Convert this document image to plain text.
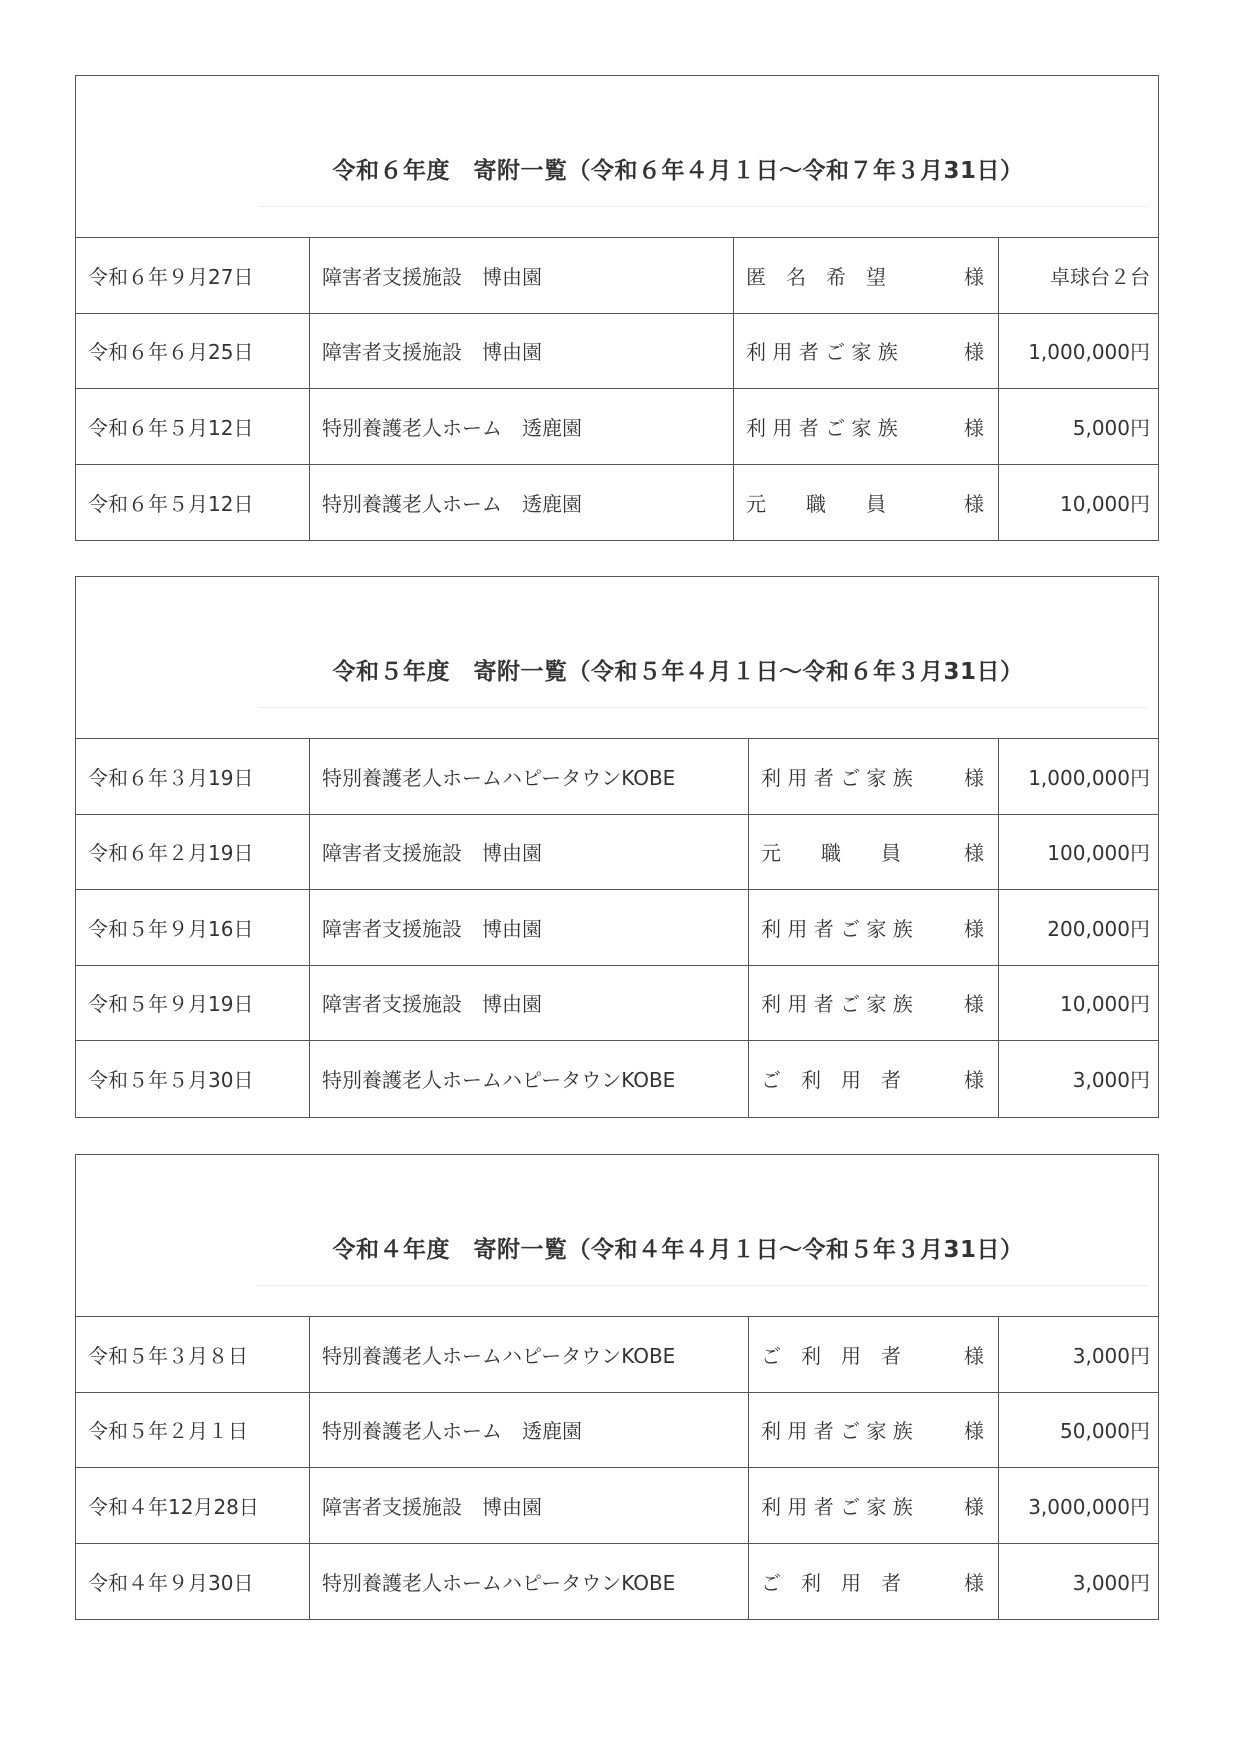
令和６年度　寄附一覧（令和６年４月１日～令和７年３月31日）
令和６年９月27日	障害者支援施設　博由園	匿　名　希　望	様	卓球台２台
令和６年６月25日	障害者支援施設　博由園	利 用 者 ご 家 族	様	1,000,000円
令和６年５月12日	特別養護老人ホーム　透鹿園	利 用 者 ご 家 族	様	5,000円
令和６年５月12日	特別養護老人ホーム　透鹿園	元　　職　　員	様	10,000円
令和５年度　寄附一覧（令和５年４月１日～令和６年３月31日）
令和６年３月19日	特別養護老人ホームハピータウンKOBE	利 用 者 ご 家 族	様	1,000,000円
令和６年２月19日	障害者支援施設　博由園	元　　職　　員	様	100,000円
令和５年９月16日	障害者支援施設　博由園	利 用 者 ご 家 族	様	200,000円
令和５年９月19日	障害者支援施設　博由園	利 用 者 ご 家 族	様	10,000円
令和５年５月30日	特別養護老人ホームハピータウンKOBE	ご　利　用　者	様	3,000円
令和４年度　寄附一覧（令和４年４月１日～令和５年３月31日）
令和５年３月８日	特別養護老人ホームハピータウンKOBE	ご　利　用　者	様	3,000円
令和５年２月１日	特別養護老人ホーム　透鹿園	利 用 者 ご 家 族	様	50,000円
令和４年12月28日	障害者支援施設　博由園	利 用 者 ご 家 族	様	3,000,000円
令和４年９月30日	特別養護老人ホームハピータウンKOBE	ご　利　用　者	様	3,000円
